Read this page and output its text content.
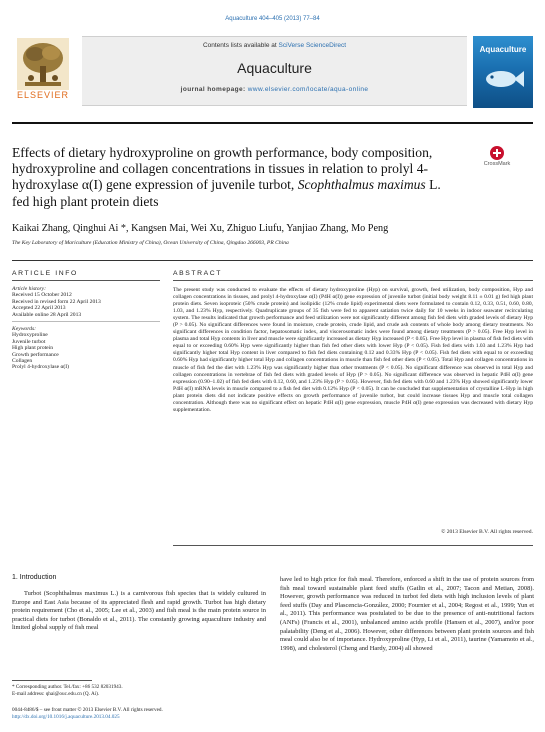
Aquaculture 404–405 (2013) 77–84
ELSEVIER
Contents lists available at SciVerse ScienceDirect
Aquaculture
journal homepage: www.elsevier.com/locate/aqua-online
Aquaculture
Effects of dietary hydroxyproline on growth performance, body composition, hydroxyproline and collagen concentrations in tissues in relation to prolyl 4-hydroxylase α(I) gene expression of juvenile turbot, Scophthalmus maximus L. fed high plant protein diets
CrossMark
Kaikai Zhang, Qinghui Ai *, Kangsen Mai, Wei Xu, Zhiguo Liufu, Yanjiao Zhang, Mo Peng
The Key Laboratory of Mariculture (Education Ministry of China), Ocean University of China, Qingdao 266003, PR China
ARTICLE INFO	ABSTRACT
Article history:
Received 15 October 2012
Received in revised form 22 April 2013
Accepted 22 April 2013
Available online 28 April 2013
Keywords:
Hydroxyproline
Juvenile turbot
High plant protein
Growth performance
Collagen
Prolyl 4-hydroxylase α(I)
The present study was conducted to evaluate the effects of dietary hydroxyproline (Hyp) on survival, growth, feed utilization, body composition, Hyp and collagen concentrations in tissues, and prolyl 4-hydroxylase α(I) (P4H α(I)) gene expression of juvenile turbot (initial body weight 8.11 ± 0.01 g) fed high plant protein diets. Seven isoproteic (50% crude protein) and isolipidic (12% crude lipid) experimental diets were formulated to contain 0.12, 0.33, 0.51, 0.60, 0.80, 1.03, and 1.23% Hyp, respectively. Quadruplicate groups of 35 fish were fed to apparent satiation twice daily for 10 weeks in indoor seawater recirculating system. The results indicated that growth performance and feed utilization were not significantly different among fish fed diets with graded levels of dietary Hyp (P > 0.05). No significant differences were found in moisture, crude protein, crude lipid, and crude ash contents of whole body among dietary treatments. No significant differences in condition factor, hepatosomatic index, and viscerosomatic index were found among dietary treatments (P > 0.05). Free Hyp level in plasma and total Hyp contents in liver and muscle were significantly increased as dietary Hyp increased (P < 0.05). Free Hyp level in plasma of fish fed diets with equal to or exceeding 0.60% Hyp were significantly higher than fish fed other diets with lower Hyp (P < 0.05). Fish fed diets with 1.03 and 1.23% Hyp had significantly higher total Hyp content in liver compared to fish fed diets containing 0.12 and 0.33% Hyp (P < 0.05). Fish fed diets with equal to or exceeding 0.60% Hyp had significantly higher total Hyp and collagen concentrations in muscle than fish fed other diets (P < 0.05). Total Hyp and collagen concentrations in muscle of fish fed the diet with 1.23% Hyp was significantly higher than other treatments (P < 0.05). No significant difference was observed in total Hyp and collagen concentrations in vertebrae of fish fed diets with graded levels of Hyp (P > 0.05). No significant difference was observed in hepatic P4H α(I) gene expression (0.90–1.02) of fish fed diets with 0.12, 0.60, and 1.23% Hyp (P > 0.05). However, fish fed diets with 0.60 and 1.23% Hyp showed significantly lower P4H α(I) mRNA levels in muscle compared to a fish fed diet with 0.12% Hyp (P < 0.05). It can be concluded that supplementation of crystalline L-Hyp in high plant protein diets did not indicate positive effects on growth performance of juvenile turbot, but could increase tissues Hyp and muscle total collagen concentration. Although there was no significant effect on hepatic P4H α(I) gene expression, muscle P4H α(I) gene expression was decreased with dietary Hyp supplementation.
© 2013 Elsevier B.V. All rights reserved.
1. Introduction

Turbot (Scophthalmus maximus L.) is a carnivorous fish species that is widely cultured in Europe and East Asia because of its appreciated flesh and rapid growth. Turbot has high dietary protein requirement (Cho et al., 2005; Lee et al., 2003) and fish meal is the main protein source in practical diets for turbot (Bonaldo et al., 2011). The constantly growing aquaculture industry and limited global supply of fish meal

have led to high price for fish meal. Therefore, enforced a shift in the use of protein sources from fish meal toward sustainable plant feed stuffs (Gatlin et al., 2007; Tacon and Metian, 2008). However, growth performance was reduced in turbot fed diets with high inclusion levels of plant feed stuffs (Day and Plascencia-González, 2000; Fournier et al., 2004; Regost et al., 1999; Yun et al., 2011). This performance was postulated to be due to the presence of anti-nutritional factors (ANFs) (Francis et al., 2001), unbalanced amino acids profile (Hansen et al., 2007), and/or poor palatability (Deng et al., 2006). However, other differences between plant protein sources and fish meal could also be of importance. Hydroxyproline (Hyp, Li et al., 2011), taurine (Yamamoto et al., 1998), and cholesterol (Cheng and Hardy, 2004) all showed

* Corresponding author. Tel./fax: +86 532 82031943.
E-mail address: qhai@ouc.edu.cn (Q. Ai).
0044-8486/$ – see front matter © 2013 Elsevier B.V. All rights reserved.
http://dx.doi.org/10.1016/j.aquaculture.2013.04.025
